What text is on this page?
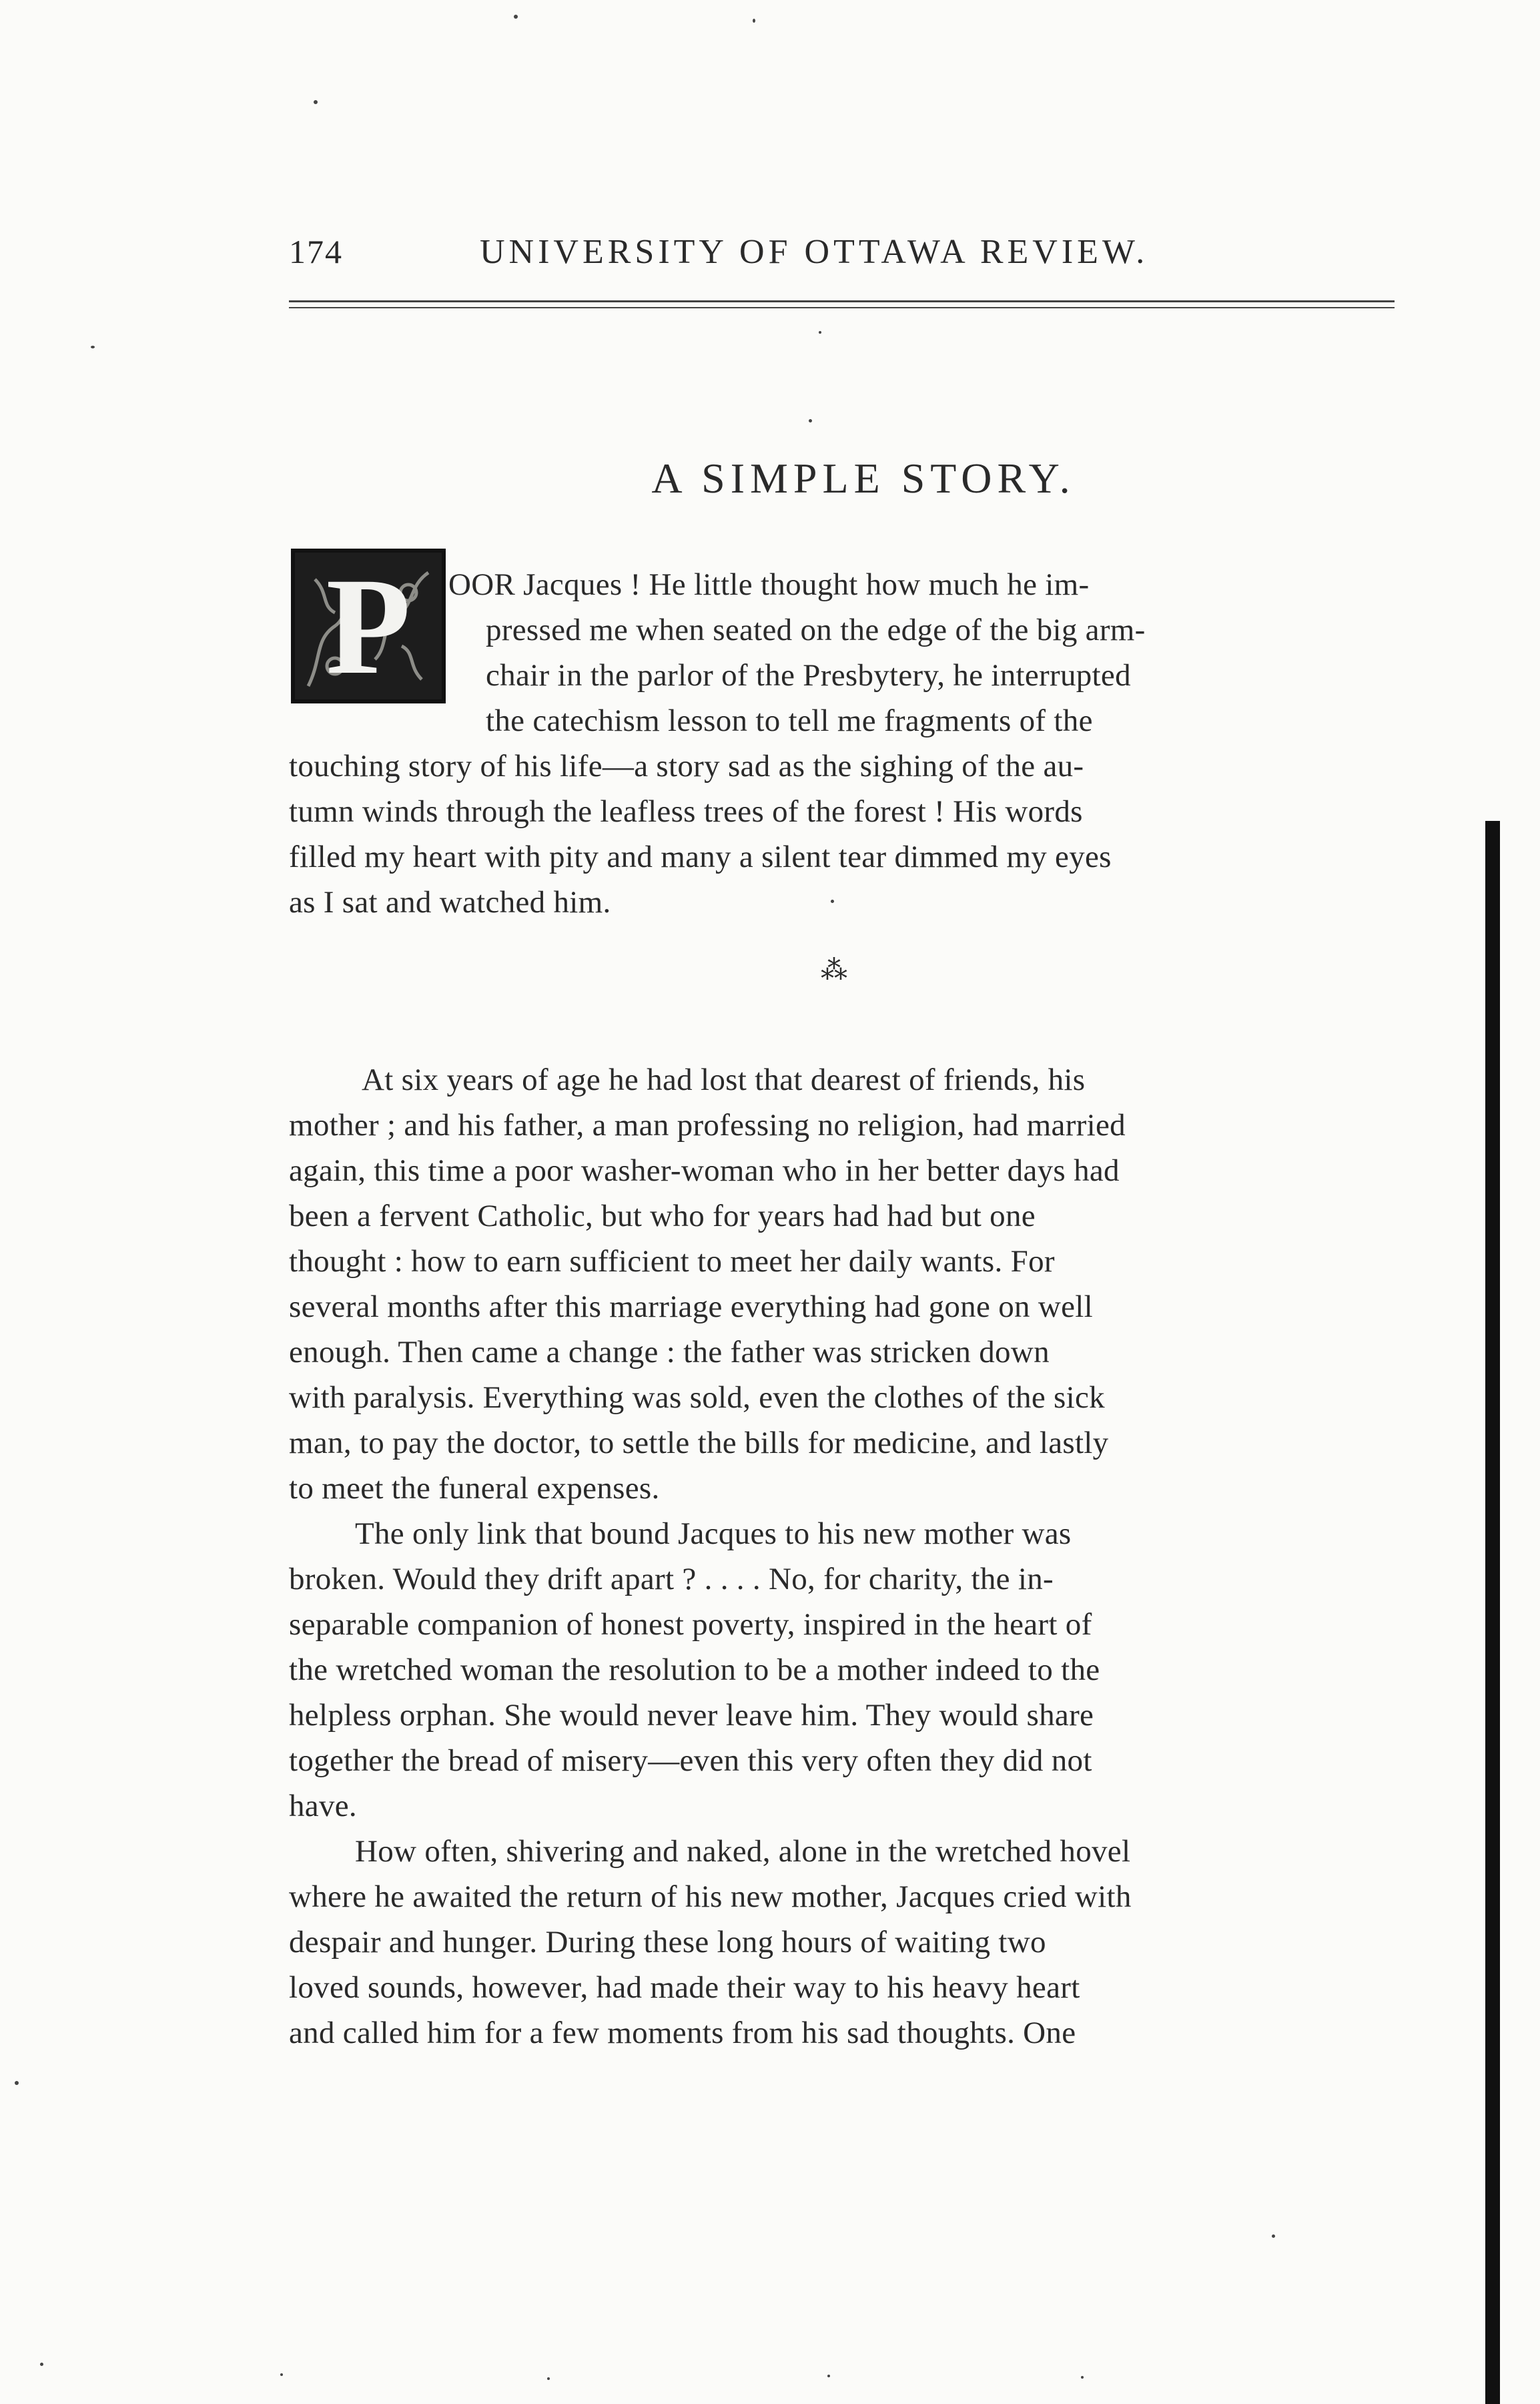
174	UNIVERSITY OF OTTAWA REVIEW.
A SIMPLE STORY.
P	OOR Jacques ! He little thought how much he im-
pressed me when seated on the edge of the big arm-
chair in the parlor of the Presbytery, he interrupted
the catechism lesson to tell me fragments of the
touching story of his life—a story sad as the sighing of the au-
tumn winds through the leafless trees of the forest ! His words
filled my heart with pity and many a silent tear dimmed my eyes
as I sat and watched him.
⁂
At six years of age he had lost that dearest of friends, his
mother ; and his father, a man professing no religion, had married
again, this time a poor washer-woman who in her better days had
been a fervent Catholic, but who for years had had but one
thought : how to earn sufficient to meet her daily wants. For
several months after this marriage everything had gone on well
enough. Then came a change : the father was stricken down
with paralysis. Everything was sold, even the clothes of the sick
man, to pay the doctor, to settle the bills for medicine, and lastly
to meet the funeral expenses.
The only link that bound Jacques to his new mother was
broken. Would they drift apart ? . . . . No, for charity, the in-
separable companion of honest poverty, inspired in the heart of
the wretched woman the resolution to be a mother indeed to the
helpless orphan. She would never leave him. They would share
together the bread of misery—even this very often they did not
have.
How often, shivering and naked, alone in the wretched hovel
where he awaited the return of his new mother, Jacques cried with
despair and hunger. During these long hours of waiting two
loved sounds, however, had made their way to his heavy heart
and called him for a few moments from his sad thoughts. One
